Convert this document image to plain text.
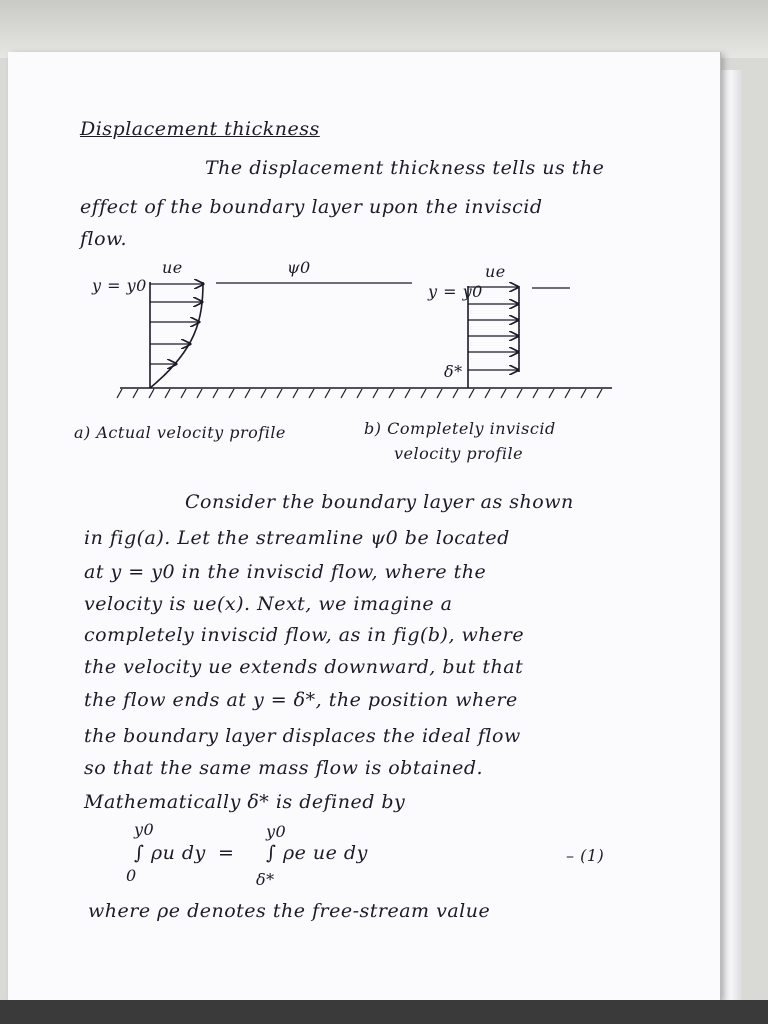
Displacement thickness
The displacement thickness tells us the
effect of the boundary layer upon the inviscid
flow.
ue	ψ0
y = y0
ue
y = y0
δ*
a) Actual velocity profile	b) Completely inviscid
velocity profile
Consider the boundary layer as shown
in fig(a). Let the streamline ψ0 be located
at y = y0 in the inviscid flow, where the
velocity is ue(x). Next, we imagine a
completely inviscid flow, as in fig(b), where
the velocity ue extends downward, but that
the flow ends at y = δ*, the position where
the boundary layer displaces the ideal flow
so that the same mass flow is obtained.
Mathematically δ* is defined by
y0
0
∫ ρu dy =
y0
δ*
∫ ρe ue dy	– (1)
where ρe denotes the free-stream value
